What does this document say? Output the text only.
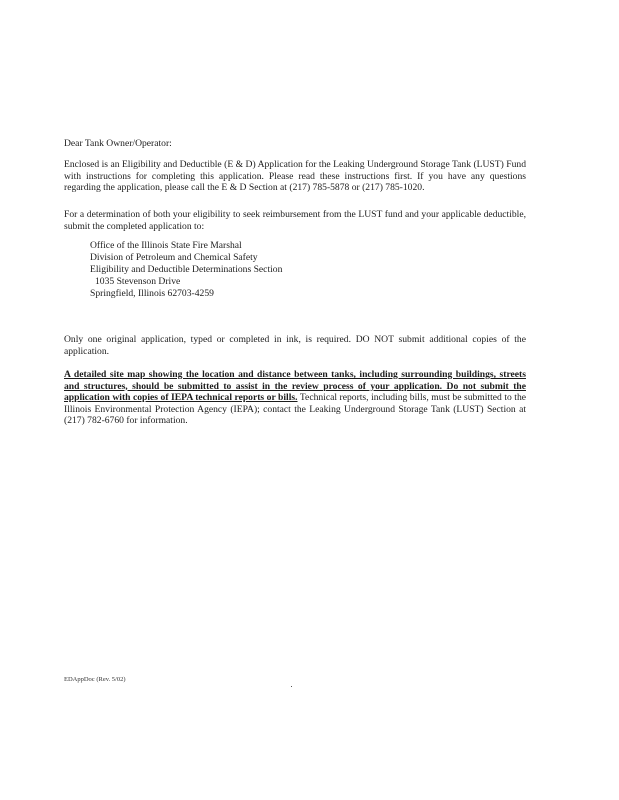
Dear Tank Owner/Operator:
Enclosed is an Eligibility and Deductible (E & D) Application for the Leaking Underground Storage Tank (LUST) Fund with instructions for completing this application. Please read these instructions first. If you have any questions regarding the application, please call the E & D Section at (217) 785-5878 or (217) 785-1020.
For a determination of both your eligibility to seek reimbursement from the LUST fund and your applicable deductible, submit the completed application to:
Office of the Illinois State Fire Marshal
Division of Petroleum and Chemical Safety
Eligibility and Deductible Determinations Section
1035 Stevenson Drive
Springfield, Illinois 62703-4259
Only one original application, typed or completed in ink, is required. DO NOT submit additional copies of the application.
A detailed site map showing the location and distance between tanks, including surrounding buildings, streets and structures, should be submitted to assist in the review process of your application. Do not submit the application with copies of IEPA technical reports or bills. Technical reports, including bills, must be submitted to the Illinois Environmental Protection Agency (IEPA); contact the Leaking Underground Storage Tank (LUST) Section at (217) 782-6760 for information.
EDAppDoc (Rev. 5/02)
